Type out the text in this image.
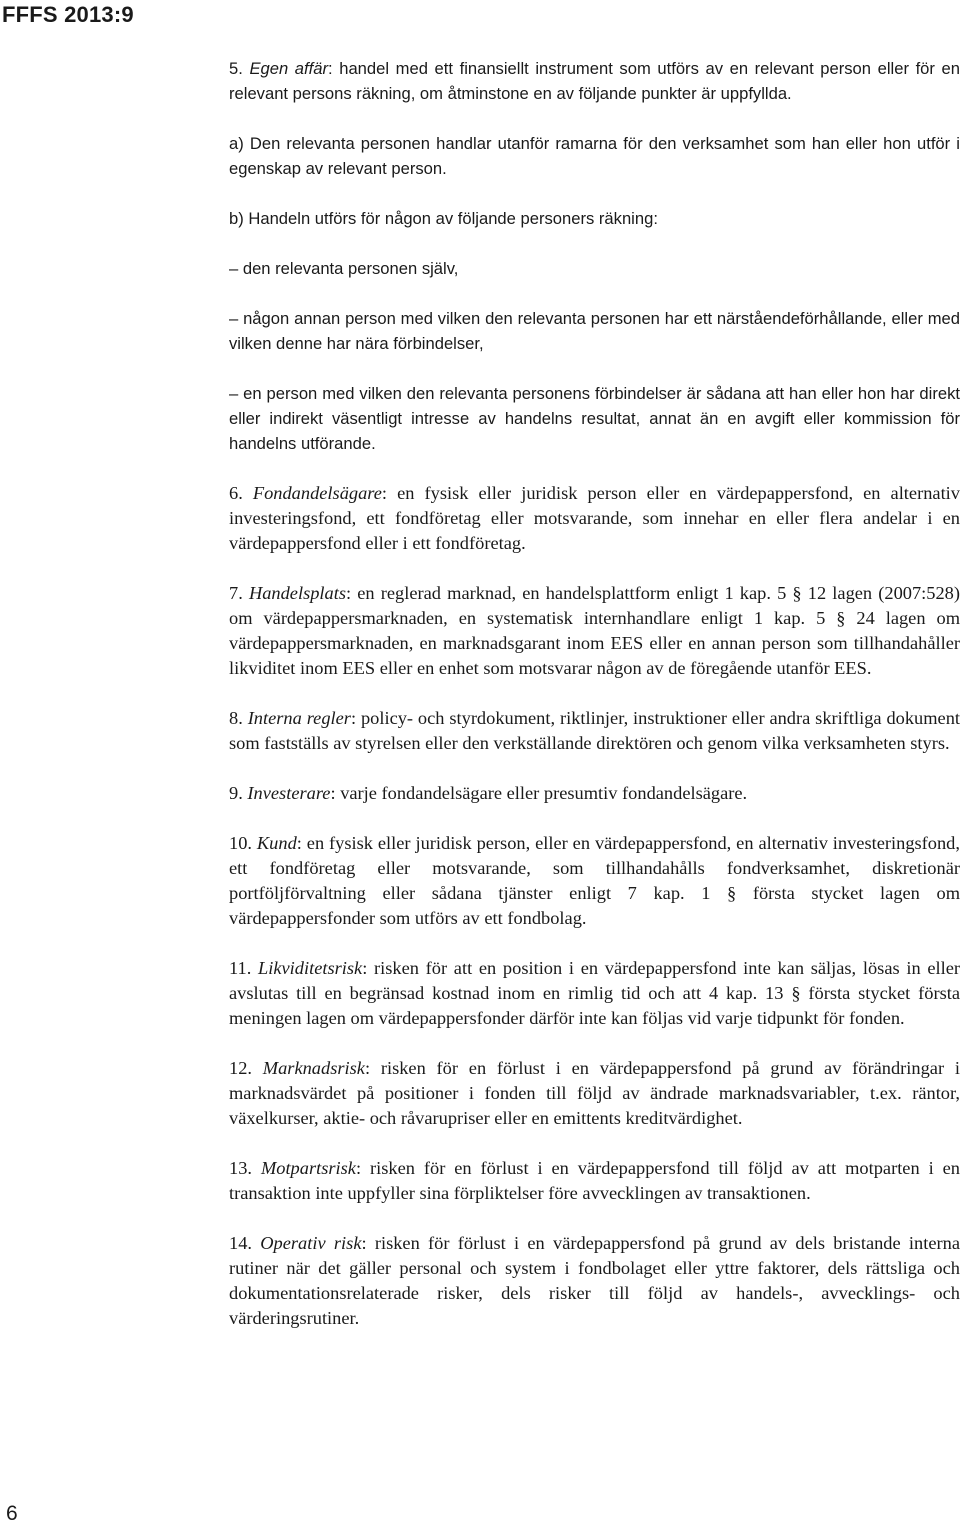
FFFS 2013:9

5. Egen affär: handel med ett finansiellt instrument som utförs av en relevant person eller för en relevant persons räkning, om åtminstone en av följande punkter är uppfyllda.

a) Den relevanta personen handlar utanför ramarna för den verksamhet som han eller hon utför i egenskap av relevant person.

b) Handeln utförs för någon av följande personers räkning:

– den relevanta personen själv,

– någon annan person med vilken den relevanta personen har ett närståendeförhållande, eller med vilken denne har nära förbindelser,

– en person med vilken den relevanta personens förbindelser är sådana att han eller hon har direkt eller indirekt väsentligt intresse av handelns resultat, annat än en avgift eller kommission för handelns utförande.

6. Fondandelsägare: en fysisk eller juridisk person eller en värdepappersfond, en alternativ investeringsfond, ett fondföretag eller motsvarande, som innehar en eller flera andelar i en värdepappersfond eller i ett fondföretag.

7. Handelsplats: en reglerad marknad, en handelsplattform enligt 1 kap. 5 § 12 lagen (2007:528) om värdepappersmarknaden, en systematisk internhandlare enligt 1 kap. 5 § 24 lagen om värdepappersmarknaden, en marknadsgarant inom EES eller en annan person som tillhandahåller likviditet inom EES eller en enhet som motsvarar någon av de föregående utanför EES.

8. Interna regler: policy- och styrdokument, riktlinjer, instruktioner eller andra skriftliga dokument som fastställs av styrelsen eller den verkställande direktören och genom vilka verksamheten styrs.

9. Investerare: varje fondandelsägare eller presumtiv fondandelsägare.

10. Kund: en fysisk eller juridisk person, eller en värdepappersfond, en alternativ investeringsfond, ett fondföretag eller motsvarande, som tillhandahålls fondverksamhet, diskretionär portföljförvaltning eller sådana tjänster enligt 7 kap. 1 § första stycket lagen om värdepappersfonder som utförs av ett fondbolag.

11. Likviditetsrisk: risken för att en position i en värdepappersfond inte kan säljas, lösas in eller avslutas till en begränsad kostnad inom en rimlig tid och att 4 kap. 13 § första stycket första meningen lagen om värdepappersfonder därför inte kan följas vid varje tidpunkt för fonden.

12. Marknadsrisk: risken för en förlust i en värdepappersfond på grund av förändringar i marknadsvärdet på positioner i fonden till följd av ändrade marknadsvariabler, t.ex. räntor, växelkurser, aktie- och råvarupriser eller en emittents kreditvärdighet.

13. Motpartsrisk: risken för en förlust i en värdepappersfond till följd av att motparten i en transaktion inte uppfyller sina förpliktelser före avvecklingen av transaktionen.

14. Operativ risk: risken för förlust i en värdepappersfond på grund av dels bristande interna rutiner när det gäller personal och system i fondbolaget eller yttre faktorer, dels rättsliga och dokumentationsrelaterade risker, dels risker till följd av handels-, avvecklings- och värderingsrutiner.

6
